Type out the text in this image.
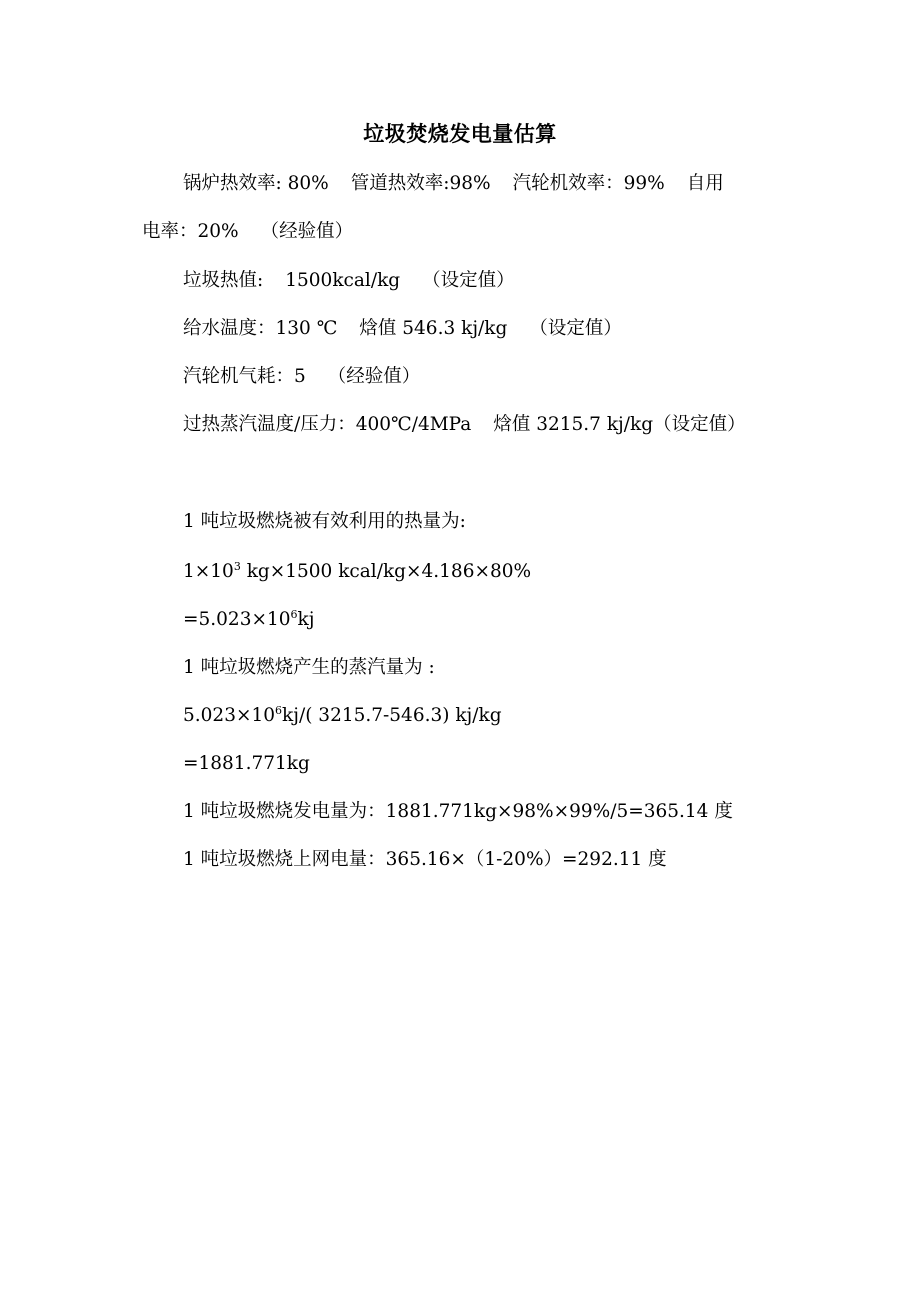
垃圾焚烧发电量估算
锅炉热效率: 80% 管道热效率:98% 汽轮机效率：99% 自用
电率：20% （经验值）
垃圾热值: 1500kcal/kg （设定值）
给水温度：130 ℃ 焓值 546.3 kj/kg （设定值）
汽轮机气耗：5 （经验值）
过热蒸汽温度/压力：400℃/4MPa 焓值 3215.7 kj/kg（设定值）
1 吨垃圾燃烧被有效利用的热量为:
$1\times 10^3$ kg×1500 kcal/kg×4.186×80%
$=5.023\times 10^6kj$
1 吨垃圾燃烧产生的蒸汽量为 :
$5.023\times 10^6kj/$( 3215.7-546.3) kj/kg
=1881.771kg
1 吨垃圾燃烧发电量为：1881.771kg×98%×99%/5=365.14 度
1 吨垃圾燃烧上网电量：365.16×（1-20%）=292.11 度
